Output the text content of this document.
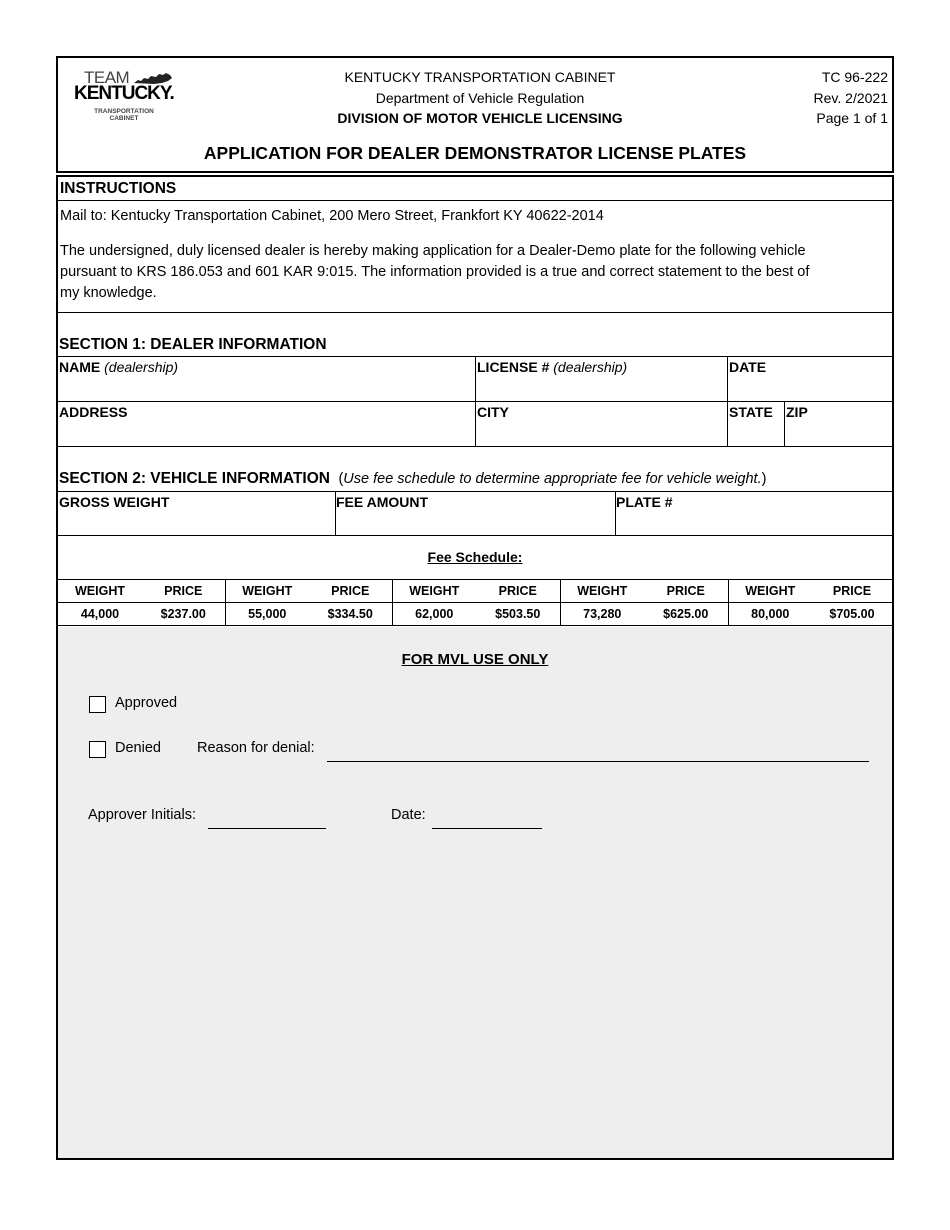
TEAM
KENTUCKY.
TRANSPORTATION
CABINET
KENTUCKY TRANSPORTATION CABINET
Department of Vehicle Regulation
DIVISION OF MOTOR VEHICLE LICENSING
TC 96-222
Rev. 2/2021
Page 1 of 1
APPLICATION FOR DEALER DEMONSTRATOR LICENSE PLATES
INSTRUCTIONS
Mail to: Kentucky Transportation Cabinet, 200 Mero Street, Frankfort KY 40622-2014
The undersigned, duly licensed dealer is hereby making application for a Dealer-Demo plate for the following vehicle
pursuant to KRS 186.053 and 601 KAR 9:015. The information provided is a true and correct statement to the best of
my knowledge.
SECTION 1: DEALER INFORMATION
NAME (dealership)	LICENSE # (dealership)	DATE
ADDRESS	CITY	STATE ZIP
SECTION 2: VEHICLE INFORMATION (Use fee schedule to determine appropriate fee for vehicle weight.)
GROSS WEIGHT	FEE AMOUNT	PLATE #
Fee Schedule:
WEIGHT	PRICE	WEIGHT	PRICE	WEIGHT	PRICE	WEIGHT	PRICE	WEIGHT	PRICE
44,000	$237.00	55,000	$334.50	62,000	$503.50	73,280	$625.00	80,000	$705.00
FOR MVL USE ONLY
Approved
Denied Reason for denial:
Approver Initials:	Date:
